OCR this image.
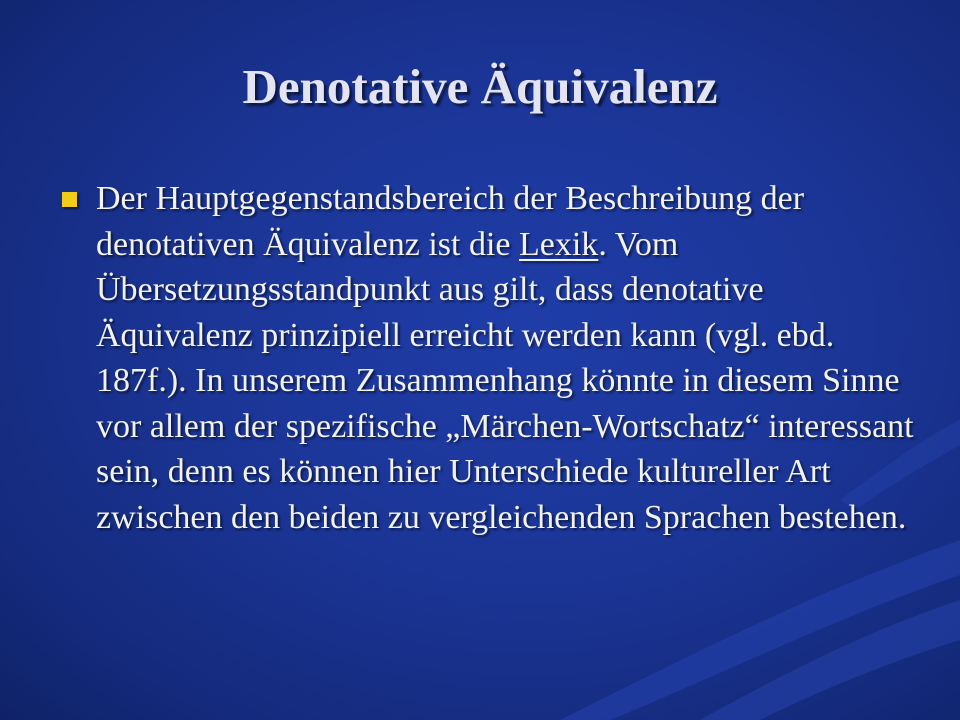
Denotative Äquivalenz

Der Hauptgegenstandsbereich der Beschreibung der denotativen Äquivalenz ist die Lexik. Vom Übersetzungsstandpunkt aus gilt, dass denotative Äquivalenz prinzipiell erreicht werden kann (vgl. ebd. 187f.). In unserem Zusammenhang könnte in diesem Sinne vor allem der spezifische „Märchen-Wortschatz“ interessant sein, denn es können hier Unterschiede kultureller Art zwischen den beiden zu vergleichenden Sprachen bestehen.
